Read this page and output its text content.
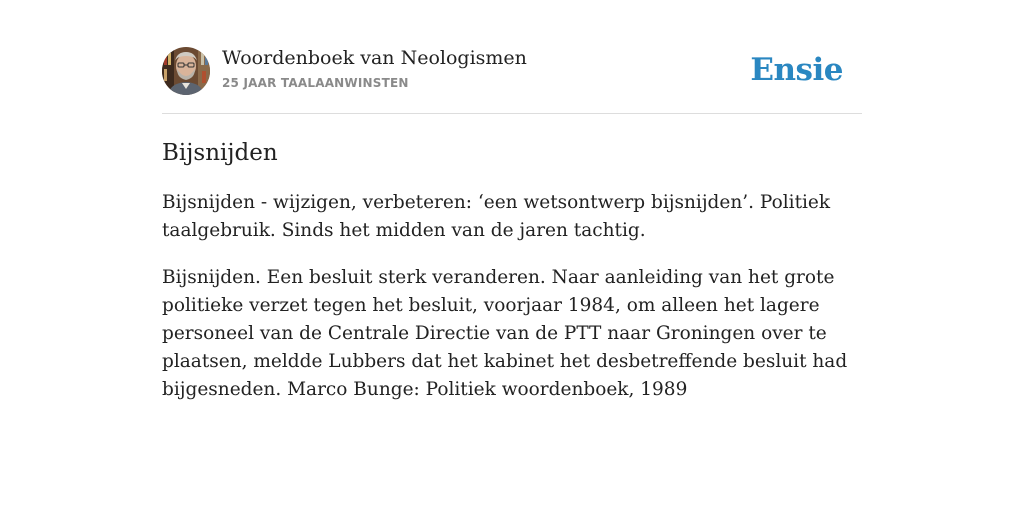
Woordenboek van Neologismen
25 JAAR TAALAANWINSTEN	Ensie
Bijsnijden

Bijsnijden - wijzigen, verbeteren: ‘een wetsontwerp bijsnijden’. Politiek taalgebruik. Sinds het midden van de jaren tachtig.

Bijsnijden. Een besluit sterk veranderen. Naar aanleiding van het grote politieke verzet tegen het besluit, voorjaar 1984, om alleen het lagere personeel van de Centrale Directie van de PTT naar Groningen over te plaatsen, meldde Lubbers dat het kabinet het desbetreffende besluit had bijgesneden. Marco Bunge: Politiek woordenboek, 1989
